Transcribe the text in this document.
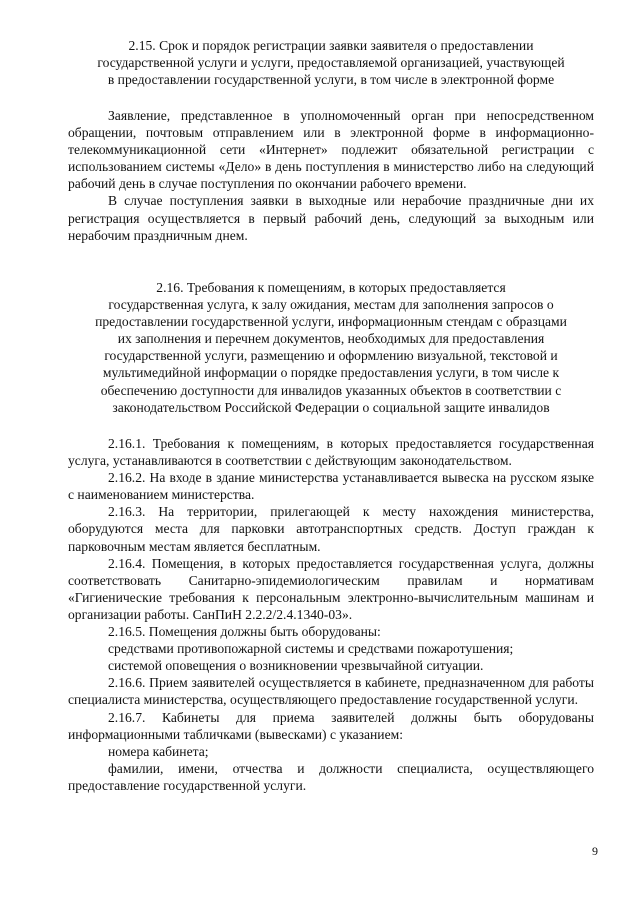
2.15. Срок и порядок регистрации заявки заявителя о предоставлении
государственной услуги и услуги, предоставляемой организацией, участвующей
в предоставлении государственной услуги, в том числе в электронной форме

Заявление, представленное в уполномоченный орган при непосредственном обращении, почтовым отправлением или в электронной форме в информационно-телекоммуникационной сети «Интернет» подлежит обязательной регистрации с использованием системы «Дело» в день поступления в министерство либо на следующий рабочий день в случае поступления по окончании рабочего времени.

В случае поступления заявки в выходные или нерабочие праздничные дни их регистрация осуществляется в первый рабочий день, следующий за выходным или нерабочим праздничным днем.

2.16. Требования к помещениям, в которых предоставляется
государственная услуга, к залу ожидания, местам для заполнения запросов о
предоставлении государственной услуги, информационным стендам с образцами
их заполнения и перечнем документов, необходимых для предоставления
государственной услуги, размещению и оформлению визуальной, текстовой и
мультимедийной информации о порядке предоставления услуги, в том числе к
обеспечению доступности для инвалидов указанных объектов в соответствии с
законодательством Российской Федерации о социальной защите инвалидов

2.16.1. Требования к помещениям, в которых предоставляется государственная услуга, устанавливаются в соответствии с действующим законодательством.

2.16.2. На входе в здание министерства устанавливается вывеска на русском языке с наименованием министерства.

2.16.3. На территории, прилегающей к месту нахождения министерства, оборудуются места для парковки автотранспортных средств. Доступ граждан к парковочным местам является бесплатным.

2.16.4. Помещения, в которых предоставляется государственная услуга, должны соответствовать Санитарно-эпидемиологическим правилам и нормативам «Гигиенические требования к персональным электронно-вычислительным машинам и организации работы. СанПиН 2.2.2/2.4.1340-03».

2.16.5. Помещения должны быть оборудованы:

средствами противопожарной системы и средствами пожаротушения;

системой оповещения о возникновении чрезвычайной ситуации.

2.16.6. Прием заявителей осуществляется в кабинете, предназначенном для работы специалиста министерства, осуществляющего предоставление государственной услуги.

2.16.7. Кабинеты для приема заявителей должны быть оборудованы информационными табличками (вывесками) с указанием:

номера кабинета;

фамилии, имени, отчества и должности специалиста, осуществляющего предоставление государственной услуги.

9
